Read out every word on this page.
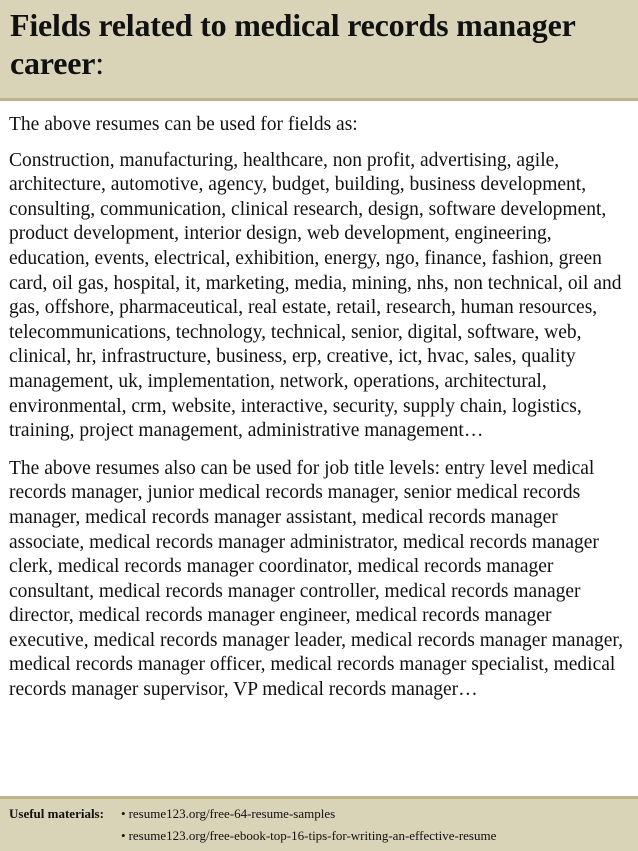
Fields related to medical records manager career:

The above resumes can be used for fields as:

Construction, manufacturing, healthcare, non profit, advertising, agile, architecture, automotive, agency, budget, building, business development, consulting, communication, clinical research, design, software development, product development, interior design, web development, engineering, education, events, electrical, exhibition, energy, ngo, finance, fashion, green card, oil gas, hospital, it, marketing, media, mining, nhs, non technical, oil and gas, offshore, pharmaceutical, real estate, retail, research, human resources, telecommunications, technology, technical, senior, digital, software, web, clinical, hr, infrastructure, business, erp, creative, ict, hvac, sales, quality management, uk, implementation, network, operations, architectural, environmental, crm, website, interactive, security, supply chain, logistics, training, project management, administrative management…

The above resumes also can be used for job title levels: entry level medical records manager, junior medical records manager, senior medical records manager, medical records manager assistant, medical records manager associate, medical records manager administrator, medical records manager clerk, medical records manager coordinator, medical records manager consultant, medical records manager controller, medical records manager director, medical records manager engineer, medical records manager executive, medical records manager leader, medical records manager manager, medical records manager officer, medical records manager specialist, medical records manager supervisor, VP medical records manager…

Useful materials:	• resume123.org/free-64-resume-samples
• resume123.org/free-ebook-top-16-tips-for-writing-an-effective-resume
